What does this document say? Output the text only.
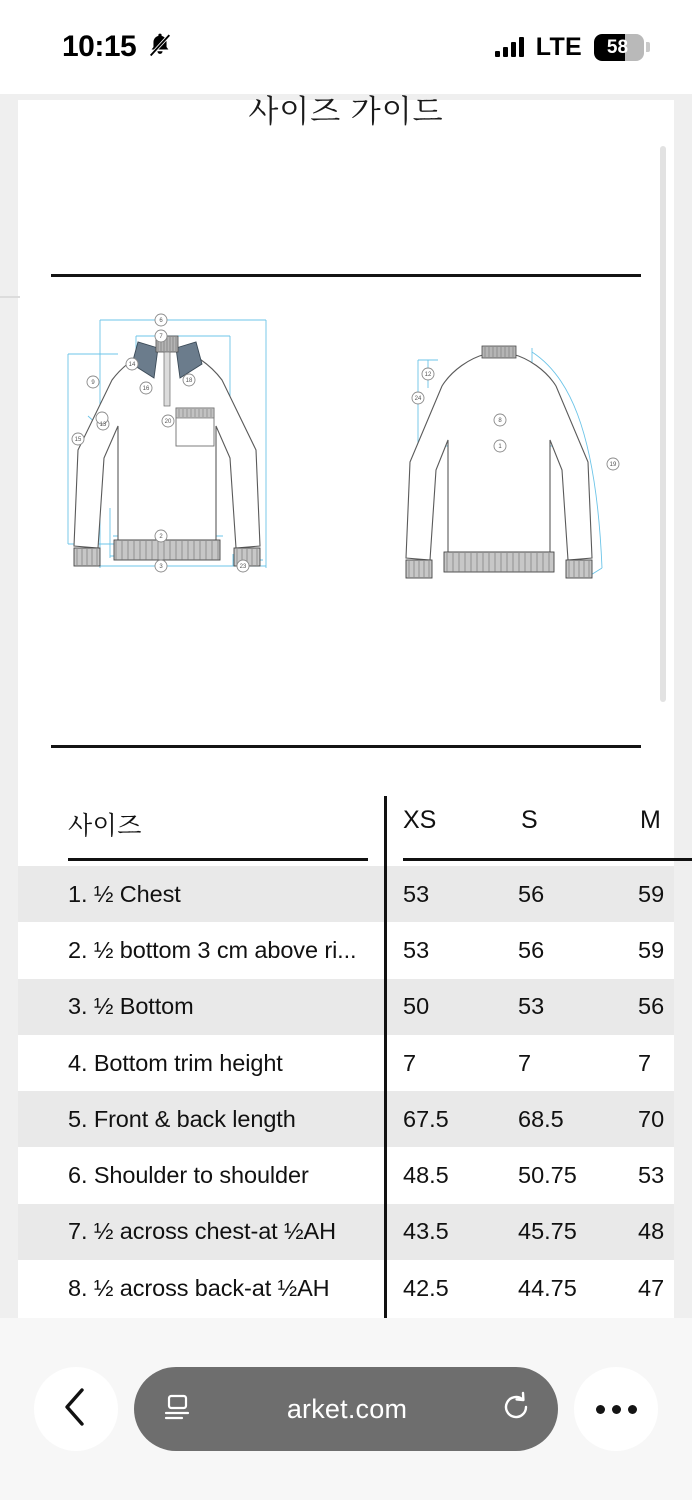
10:15	LTE	58
사이즈 가이드
6
7
9
13
15
14
18
16
20
2
3	23
12
24
8
1
19
사이즈	XS	S	M
1. ½ Chest	53	56	59
2. ½ bottom 3 cm above ri... 53	56	59
3. ½ Bottom	50	53	56
4. Bottom trim height	7	7	7
5. Front & back length	67.5	68.5	70
6. Shoulder to shoulder	48.5	50.75	53
7. ½ across chest-at ½AH	43.5	45.75	48
8. ½ across back-at ½AH	42.5	44.75	47
arket.com
